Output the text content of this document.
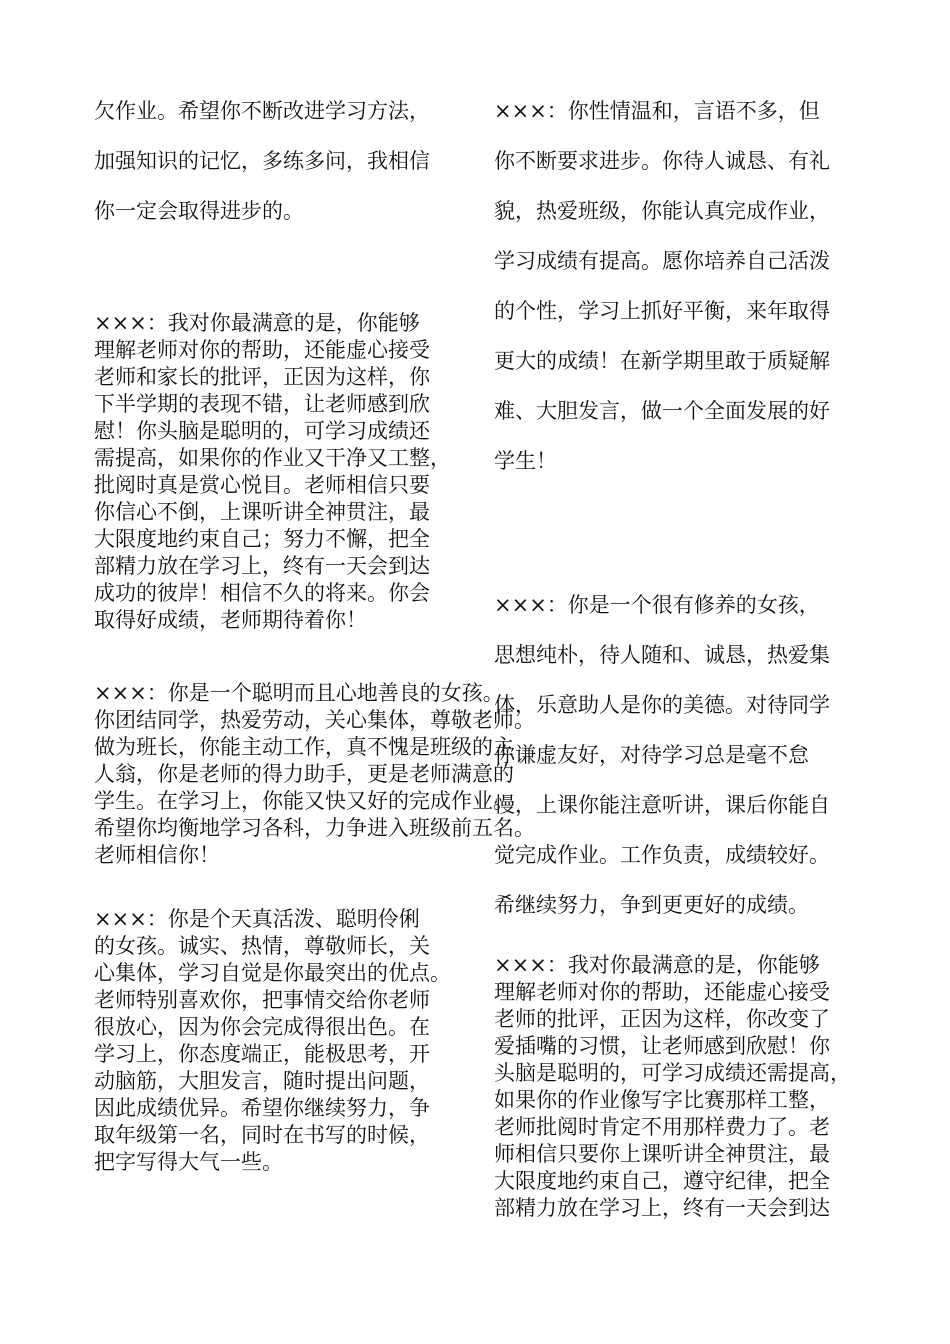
欠作业。希望你不断改进学习方法，
加强知识的记忆，多练多问，我相信
你一定会取得进步的。
×××：我对你最满意的是，你能够
理解老师对你的帮助，还能虚心接受
老师和家长的批评，正因为这样，你
下半学期的表现不错，让老师感到欣
慰！你头脑是聪明的，可学习成绩还
需提高，如果你的作业又干净又工整，
批阅时真是赏心悦目。老师相信只要
你信心不倒，上课听讲全神贯注，最
大限度地约束自己；努力不懈，把全
部精力放在学习上，终有一天会到达
成功的彼岸！相信不久的将来。你会
取得好成绩，老师期待着你！
×××：你是一个聪明而且心地善良的女孩。
你团结同学，热爱劳动，关心集体，尊敬老师。
做为班长，你能主动工作，真不愧是班级的主
人翁，你是老师的得力助手，更是老师满意的
学生。在学习上，你能又快又好的完成作业。
希望你均衡地学习各科，力争进入班级前五名。
老师相信你！
×××：你是个天真活泼、聪明伶俐
的女孩。诚实、热情，尊敬师长，关
心集体，学习自觉是你最突出的优点。
老师特别喜欢你，把事情交给你老师
很放心，因为你会完成得很出色。在
学习上，你态度端正，能极思考，开
动脑筋，大胆发言，随时提出问题，
因此成绩优异。希望你继续努力，争
取年级第一名，同时在书写的时候，
把字写得大气一些。
×××：你性情温和，言语不多，但
你不断要求进步。你待人诚恳、有礼
貌，热爱班级，你能认真完成作业，
学习成绩有提高。愿你培养自己活泼
的个性，学习上抓好平衡，来年取得
更大的成绩！在新学期里敢于质疑解
难、大胆发言，做一个全面发展的好
学生！
×××：你是一个很有修养的女孩，
思想纯朴，待人随和、诚恳，热爱集
体，乐意助人是你的美德。对待同学
你谦虚友好，对待学习总是毫不怠
慢，上课你能注意听讲，课后你能自
觉完成作业。工作负责，成绩较好。
希继续努力，争到更更好的成绩。
×××：我对你最满意的是，你能够
理解老师对你的帮助，还能虚心接受
老师的批评，正因为这样，你改变了
爱插嘴的习惯，让老师感到欣慰！你
头脑是聪明的，可学习成绩还需提高，
如果你的作业像写字比赛那样工整，
老师批阅时肯定不用那样费力了。老
师相信只要你上课听讲全神贯注，最
大限度地约束自己，遵守纪律，把全
部精力放在学习上，终有一天会到达
